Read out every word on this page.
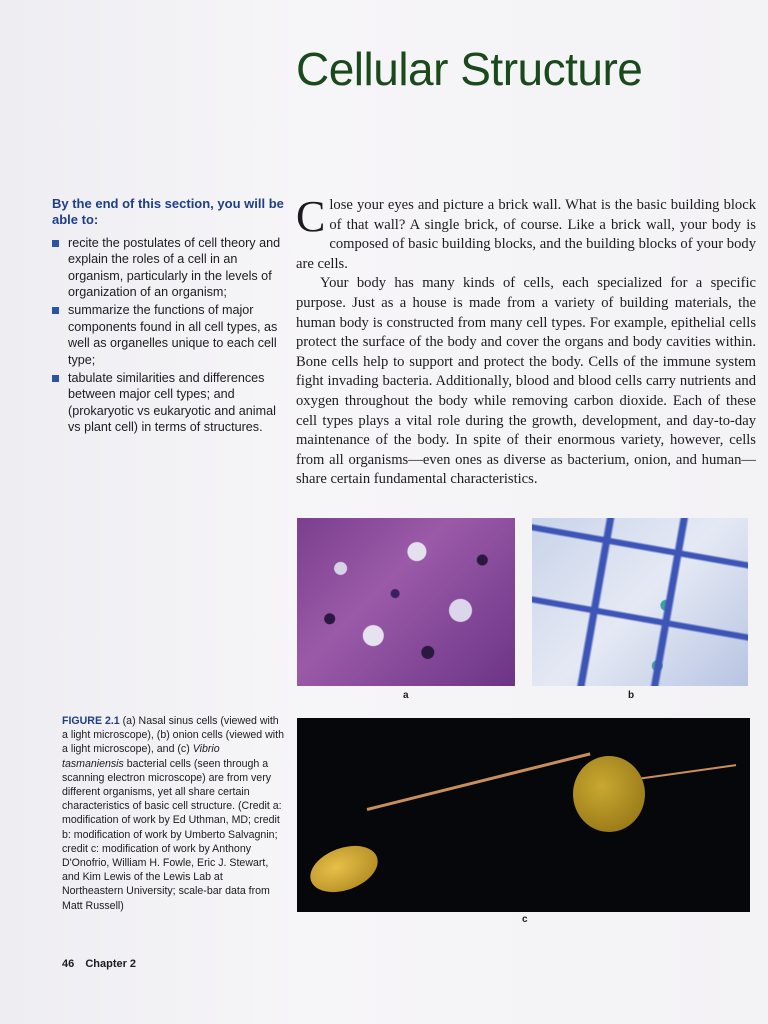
Cellular Structure

By the end of this section, you will be able to:

recite the postulates of cell theory and explain the roles of a cell in an organism, particularly in the levels of organization of an organism;
summarize the functions of major components found in all cell types, as well as organelles unique to each cell type;
tabulate similarities and differences between major cell types; and (prokaryotic vs eukaryotic and animal vs plant cell) in terms of structures.

Close your eyes and picture a brick wall. What is the basic building block of that wall? A single brick, of course. Like a brick wall, your body is composed of basic building blocks, and the building blocks of your body are cells.

Your body has many kinds of cells, each specialized for a specific purpose. Just as a house is made from a variety of building materials, the human body is constructed from many cell types. For example, epithelial cells protect the surface of the body and cover the organs and body cavities within. Bone cells help to support and protect the body. Cells of the immune system fight invading bacteria. Additionally, blood and blood cells carry nutrients and oxygen throughout the body while removing carbon dioxide. Each of these cell types plays a vital role during the growth, development, and day-to-day maintenance of the body. In spite of their enormous variety, however, cells from all organisms—even ones as diverse as bacterium, onion, and human—share certain fundamental characteristics.

a	b
c
FIGURE 2.1 (a) Nasal sinus cells (viewed with a light microscope), (b) onion cells (viewed with a light microscope), and (c) Vibrio tasmaniensis bacterial cells (seen through a scanning electron microscope) are from very different organisms, yet all share certain characteristics of basic cell structure. (Credit a: modification of work by Ed Uthman, MD; credit b: modification of work by Umberto Salvagnin; credit c: modification of work by Anthony D'Onofrio, William H. Fowle, Eric J. Stewart, and Kim Lewis of the Lewis Lab at Northeastern University; scale-bar data from Matt Russell)
46 Chapter 2
